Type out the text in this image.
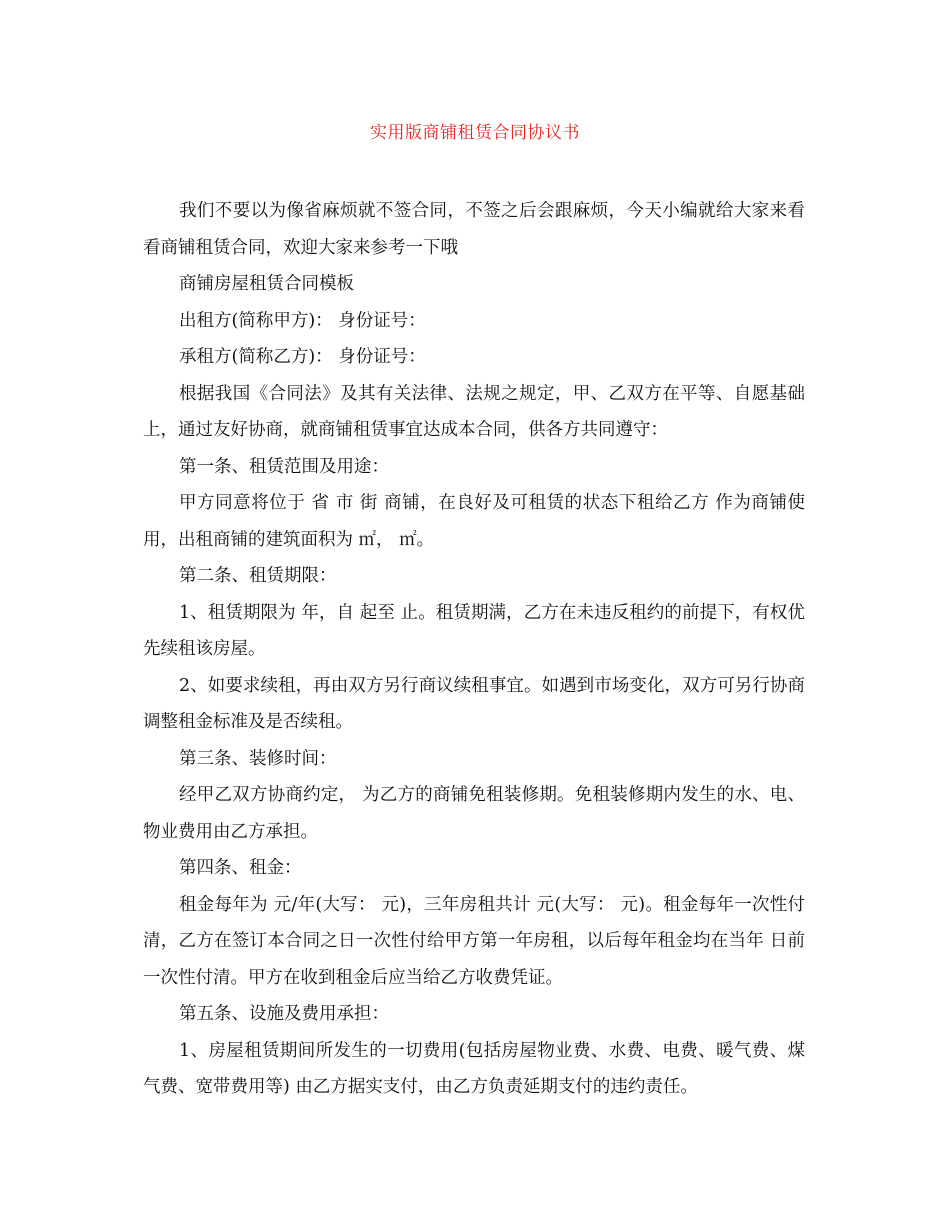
实用版商铺租赁合同协议书

我们不要以为像省麻烦就不签合同，不签之后会跟麻烦，今天小编就给大家来看看商铺租赁合同，欢迎大家来参考一下哦

商铺房屋租赁合同模板

出租方(简称甲方)： 身份证号：

承租方(简称乙方)： 身份证号：

根据我国《合同法》及其有关法律、法规之规定，甲、乙双方在平等、自愿基础上，通过友好协商，就商铺租赁事宜达成本合同，供各方共同遵守：

第一条、租赁范围及用途：

甲方同意将位于 省 市 街 商铺，在良好及可租赁的状态下租给乙方 作为商铺使用，出租商铺的建筑面积为 ㎡， ㎡。

第二条、租赁期限：

1、租赁期限为 年，自 起至 止。租赁期满，乙方在未违反租约的前提下，有权优先续租该房屋。

2、如要求续租，再由双方另行商议续租事宜。如遇到市场变化，双方可另行协商调整租金标准及是否续租。

第三条、装修时间：

经甲乙双方协商约定， 为乙方的商铺免租装修期。免租装修期内发生的水、电、物业费用由乙方承担。

第四条、租金：

租金每年为 元/年(大写： 元)，三年房租共计 元(大写： 元)。租金每年一次性付清，乙方在签订本合同之日一次性付给甲方第一年房租，以后每年租金均在当年 日前一次性付清。甲方在收到租金后应当给乙方收费凭证。

第五条、设施及费用承担：

1、房屋租赁期间所发生的一切费用(包括房屋物业费、水费、电费、暖气费、煤气费、宽带费用等) 由乙方据实支付，由乙方负责延期支付的违约责任。
